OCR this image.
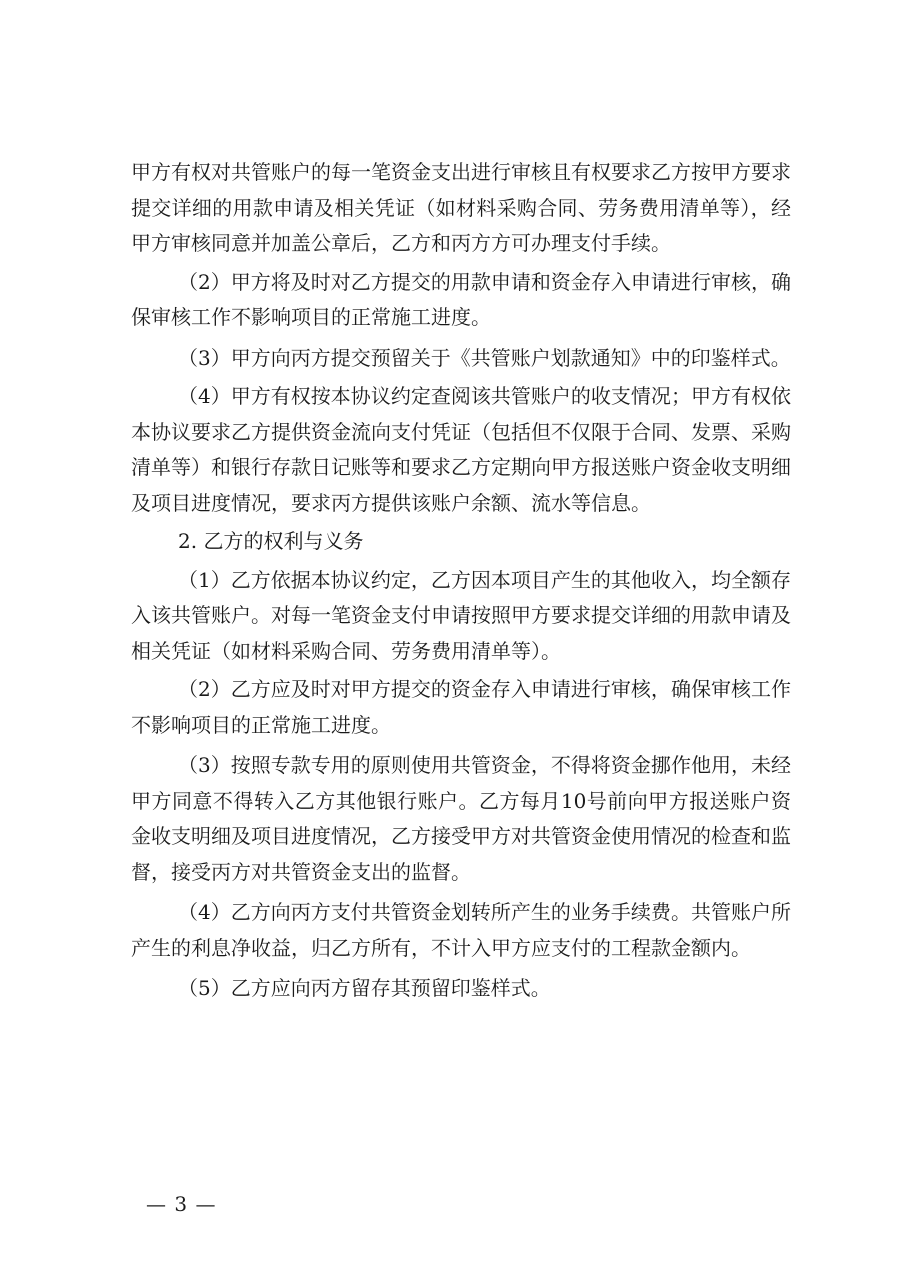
甲方有权对共管账户的每一笔资金支出进行审核且有权要求乙方按甲方要求提交详细的用款申请及相关凭证（如材料采购合同、劳务费用清单等），经甲方审核同意并加盖公章后，乙方和丙方方可办理支付手续。

（2）甲方将及时对乙方提交的用款申请和资金存入申请进行审核，确保审核工作不影响项目的正常施工进度。

（3）甲方向丙方提交预留关于《共管账户划款通知》中的印鉴样式。

（4）甲方有权按本协议约定查阅该共管账户的收支情况；甲方有权依本协议要求乙方提供资金流向支付凭证（包括但不仅限于合同、发票、采购清单等）和银行存款日记账等和要求乙方定期向甲方报送账户资金收支明细及项目进度情况，要求丙方提供该账户余额、流水等信息。

2. 乙方的权利与义务

（1）乙方依据本协议约定，乙方因本项目产生的其他收入，均全额存入该共管账户。对每一笔资金支付申请按照甲方要求提交详细的用款申请及相关凭证（如材料采购合同、劳务费用清单等）。

（2）乙方应及时对甲方提交的资金存入申请进行审核，确保审核工作不影响项目的正常施工进度。

（3）按照专款专用的原则使用共管资金，不得将资金挪作他用，未经甲方同意不得转入乙方其他银行账户。乙方每月10号前向甲方报送账户资金收支明细及项目进度情况，乙方接受甲方对共管资金使用情况的检查和监督，接受丙方对共管资金支出的监督。

（4）乙方向丙方支付共管资金划转所产生的业务手续费。共管账户所产生的利息净收益，归乙方所有，不计入甲方应支付的工程款金额内。

（5）乙方应向丙方留存其预留印鉴样式。

— 3 —
